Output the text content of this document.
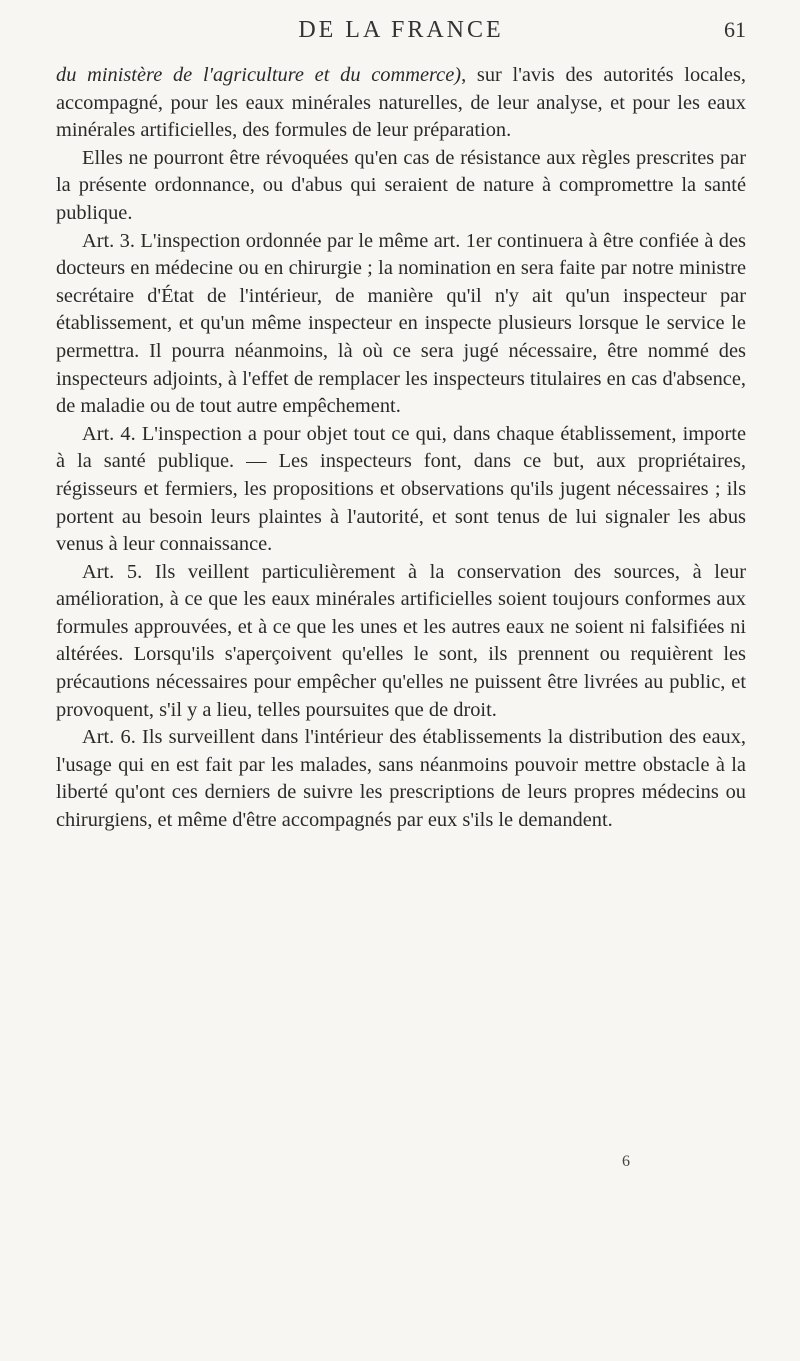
DE LA FRANCE	61

du ministère de l'agriculture et du commerce), sur l'avis des autorités locales, accompagné, pour les eaux minérales naturelles, de leur analyse, et pour les eaux minérales artificielles, des formules de leur préparation.

Elles ne pourront être révoquées qu'en cas de résistance aux règles prescrites par la présente ordonnance, ou d'abus qui seraient de nature à compromettre la santé publique.

Art. 3. L'inspection ordonnée par le même art. 1er continuera à être confiée à des docteurs en médecine ou en chirurgie ; la nomination en sera faite par notre ministre secrétaire d'État de l'intérieur, de manière qu'il n'y ait qu'un inspecteur par établissement, et qu'un même inspecteur en inspecte plusieurs lorsque le service le permettra. Il pourra néanmoins, là où ce sera jugé nécessaire, être nommé des inspecteurs adjoints, à l'effet de remplacer les inspecteurs titulaires en cas d'absence, de maladie ou de tout autre empêchement.

Art. 4. L'inspection a pour objet tout ce qui, dans chaque établissement, importe à la santé publique. — Les inspecteurs font, dans ce but, aux propriétaires, régisseurs et fermiers, les propositions et observations qu'ils jugent nécessaires ; ils portent au besoin leurs plaintes à l'autorité, et sont tenus de lui signaler les abus venus à leur connaissance.

Art. 5. Ils veillent particulièrement à la conservation des sources, à leur amélioration, à ce que les eaux minérales artificielles soient toujours conformes aux formules approuvées, et à ce que les unes et les autres eaux ne soient ni falsifiées ni altérées. Lorsqu'ils s'aperçoivent qu'elles le sont, ils prennent ou requièrent les précautions nécessaires pour empêcher qu'elles ne puissent être livrées au public, et provoquent, s'il y a lieu, telles poursuites que de droit.

Art. 6. Ils surveillent dans l'intérieur des établissements la distribution des eaux, l'usage qui en est fait par les malades, sans néanmoins pouvoir mettre obstacle à la liberté qu'ont ces derniers de suivre les prescriptions de leurs propres médecins ou chirurgiens, et même d'être accompagnés par eux s'ils le demandent.

6
